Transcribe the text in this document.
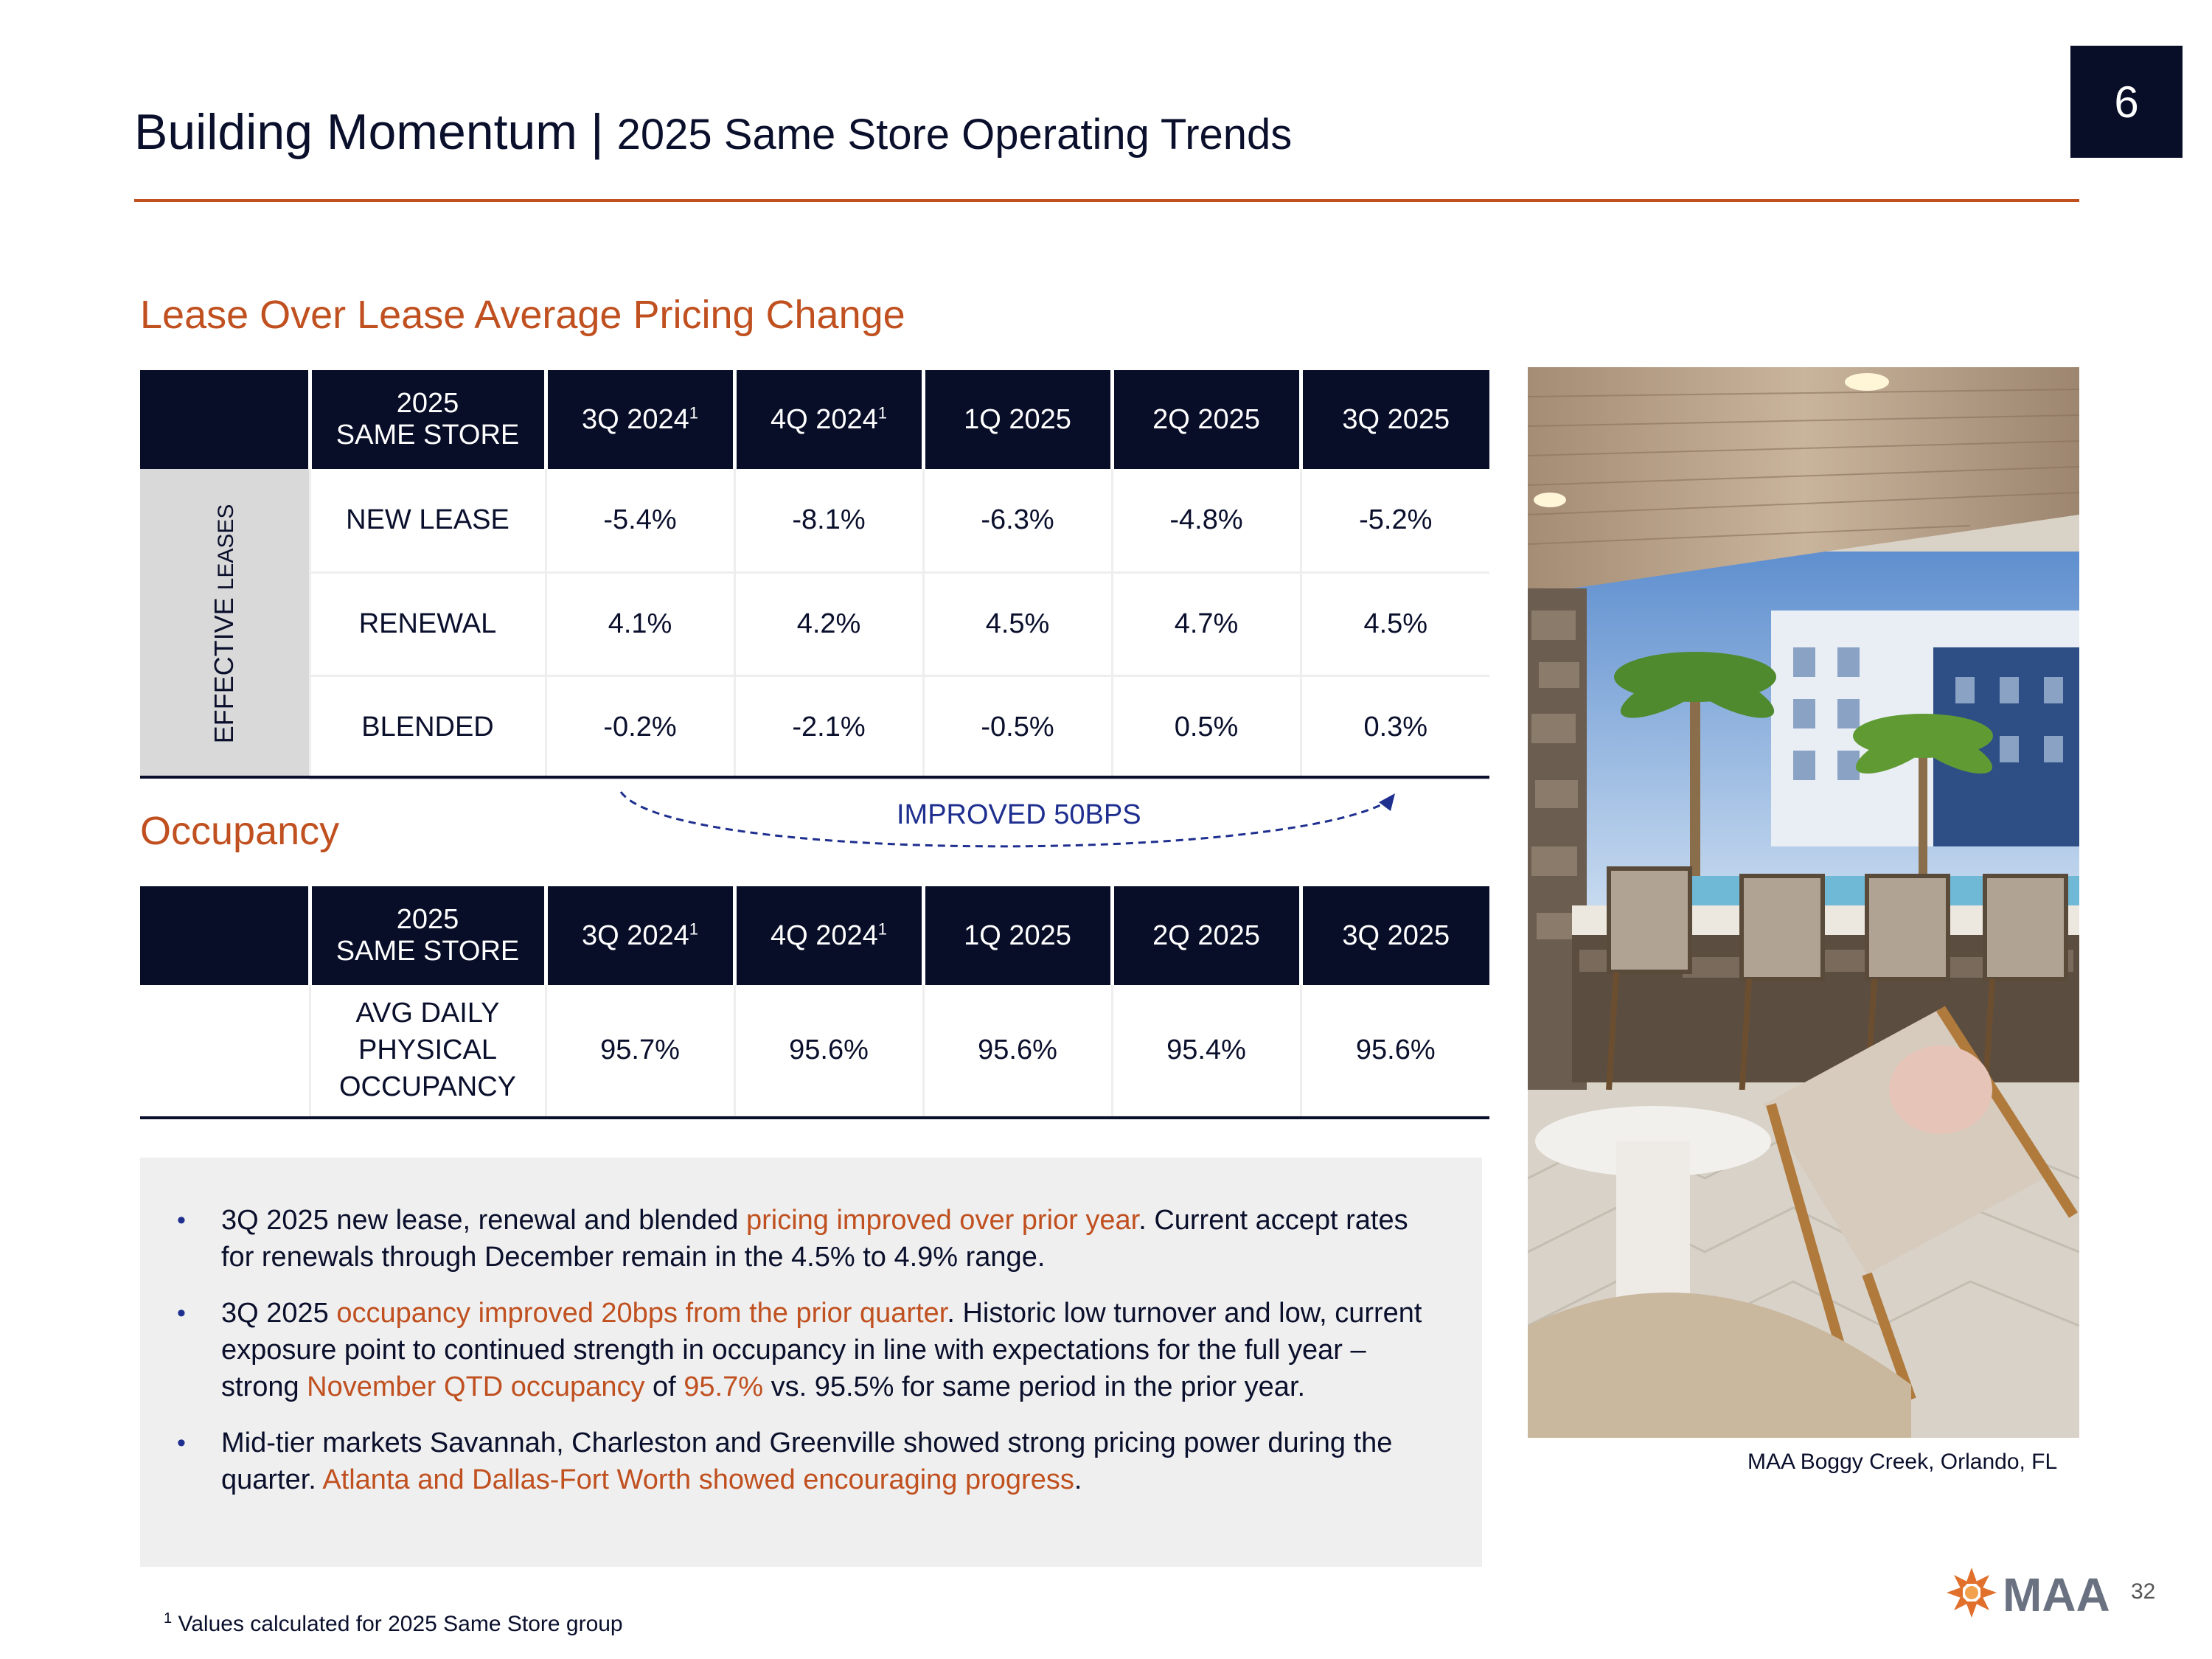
6
Building Momentum | 2025 Same Store Operating Trends
Lease Over Lease Average Pricing Change
	2025
SAME STORE	3Q 2024$^1$	4Q 2024$^1$	1Q 2025	2Q 2025	3Q 2025

EFFECTIVE LEASES	NEW LEASE	-5.4%	-8.1%	-6.3%	-4.8%	-5.2%
	RENEWAL	4.1%	4.2%	4.5%	4.7%	4.5%
	BLENDED	-0.2%	-2.1%	-0.5%	0.5%	0.3%
IMPROVED 50BPS
Occupancy
	2025
SAME STORE	3Q 2024$^1$	4Q 2024$^1$	1Q 2025	2Q 2025	3Q 2025
	AVG DAILY
PHYSICAL
OCCUPANCY	95.7%	95.6%	95.6%	95.4%	95.6%
• 3Q 2025 new lease, renewal and blended pricing improved over prior year. Current accept rates for renewals through December remain in the 4.5% to 4.9% range.
• 3Q 2025 occupancy improved 20bps from the prior quarter. Historic low turnover and low, current exposure point to continued strength in occupancy in line with expectations for the full year – strong November QTD occupancy of 95.7% vs. 95.5% for same period in the prior year.
• Mid-tier markets Savannah, Charleston and Greenville showed strong pricing power during the quarter. Atlanta and Dallas-Fort Worth showed encouraging progress.
MAA Boggy Creek, Orlando, FL
$^1$ Values calculated for 2025 Same Store group
MAA 32
